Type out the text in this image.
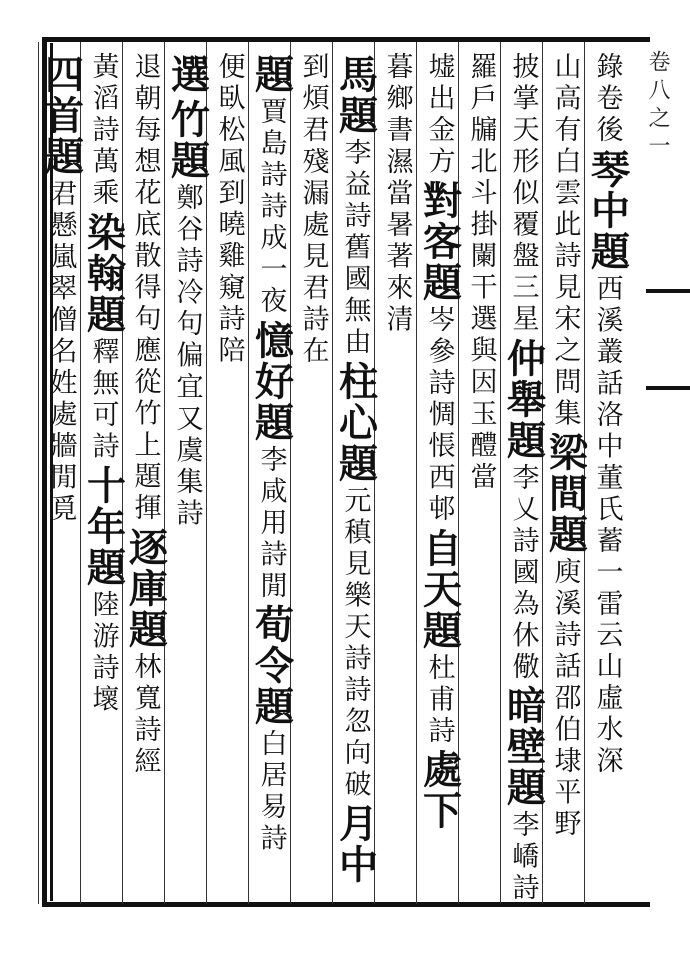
卷八之一
錄卷後
琴中題
西溪叢話洛中董氏蓄一雷
云山虛水深
山高有白雲此詩見宋之問集
梁間題
庾溪詩話邵伯埭平野
披掌天形似覆盤三星
仲舉題
李乂詩國為休儆
暗壁題
李嶠詩
羅戶牖北斗掛闌干
選與因
玉醴當
墟出金方
對客題
岑參詩惆悵西邨
自天題
杜甫詩
處下
暮鄉書
濕當暑著來清
馬題
李益詩舊國無由
柱心題
元稹見樂天詩詩忽向破
月中
到煩君
殘漏處見君詩在
題
賈島詩詩成一夜
憶好題
李咸用詩閒
荀令題
白居易詩
便臥松風到曉雞
窺
詩陪
選
竹題
鄭谷詩冷句偏宜
又虞集詩
退朝每想花底散得句應從竹上題
揮
逐庫題
林寬詩經
黃滔詩萬乘
染翰題
釋無可詩
十年題
陸游詩壞
四首題
君懸
嵐翠僧名姓處
牆閒覓
